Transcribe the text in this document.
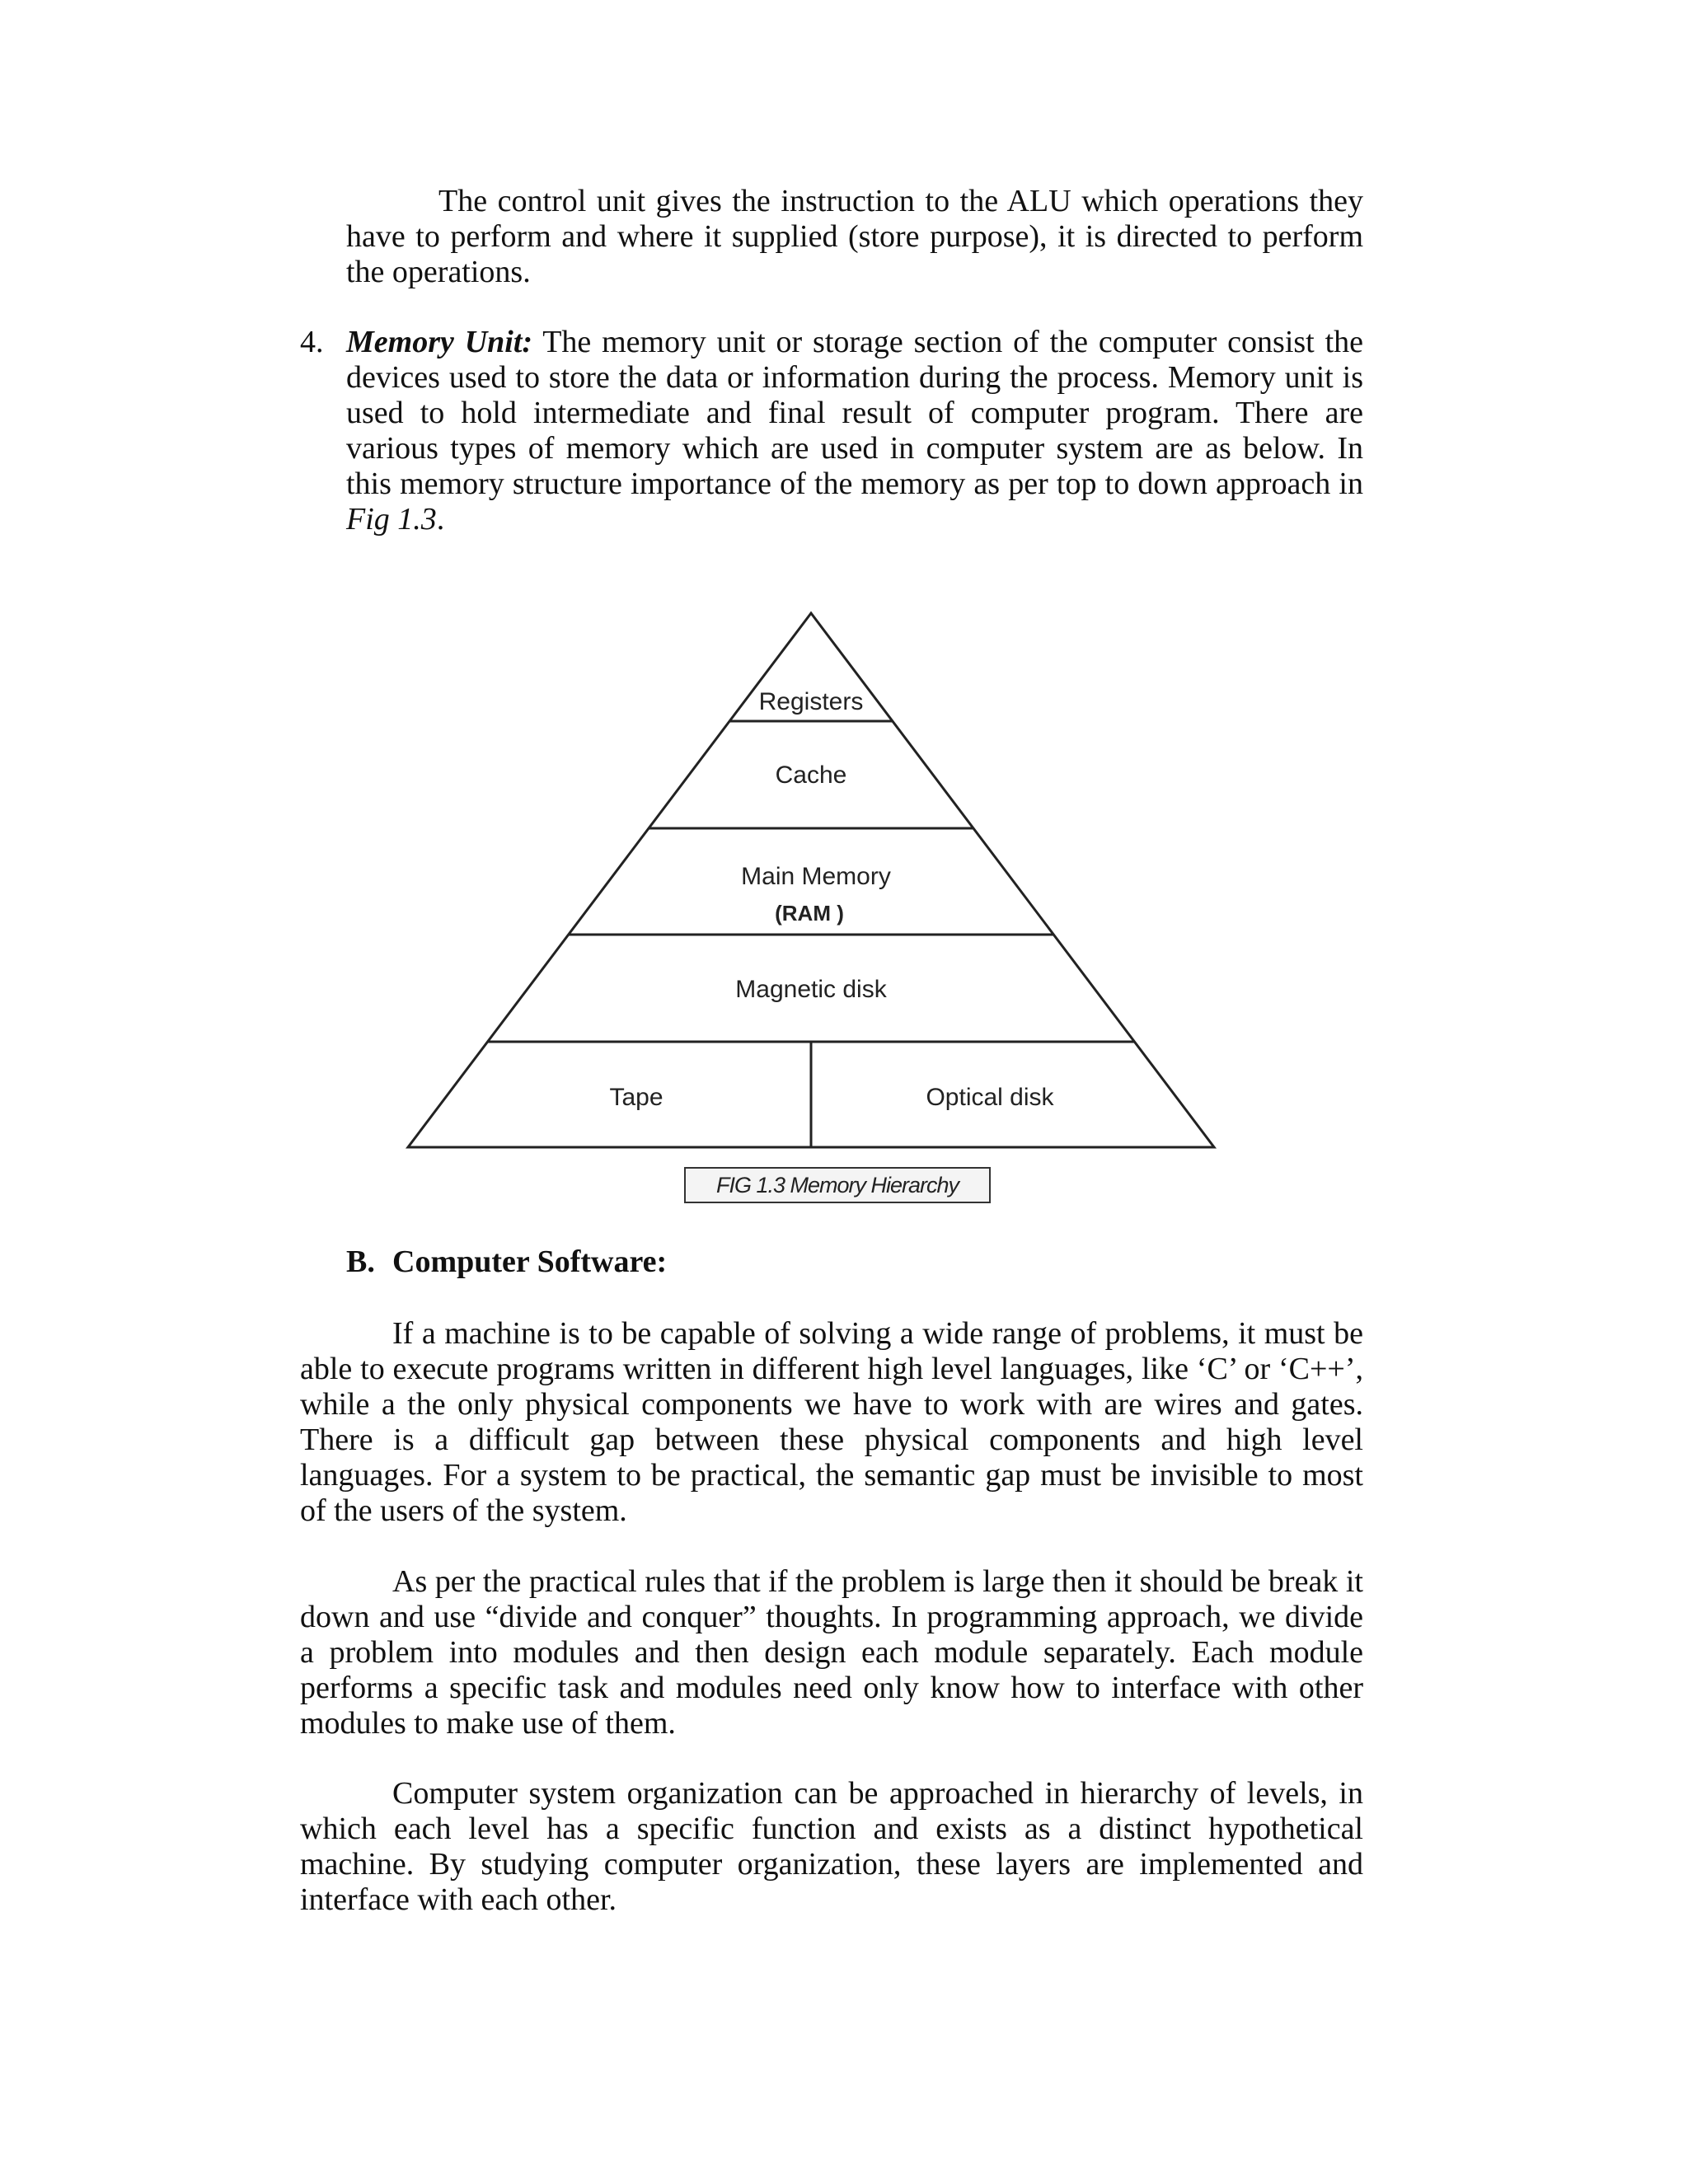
The control unit gives the instruction to the ALU which operations they have to perform and where it supplied (store purpose), it is directed to perform the operations.

4. Memory Unit: The memory unit or storage section of the computer consist the devices used to store the data or information during the process. Memory unit is used to hold intermediate and final result of computer program. There are various types of memory which are used in computer system are as below. In this memory structure importance of the memory as per top to down approach in Fig 1.3.

Registers
Cache
Main Memory
(RAM )
Magnetic disk
Tape	Optical disk
FIG 1.3 Memory Hierarchy
B. Computer Software:

If a machine is to be capable of solving a wide range of problems, it must be able to execute programs written in different high level languages, like ‘C’ or ‘C++’, while a the only physical components we have to work with are wires and gates. There is a difficult gap between these physical components and high level languages. For a system to be practical, the semantic gap must be invisible to most of the users of the system.

As per the practical rules that if the problem is large then it should be break it down and use “divide and conquer” thoughts. In programming approach, we divide a problem into modules and then design each module separately. Each module performs a specific task and modules need only know how to interface with other modules to make use of them.

Computer system organization can be approached in hierarchy of levels, in which each level has a specific function and exists as a distinct hypothetical machine. By studying computer organization, these layers are implemented and interface with each other.
